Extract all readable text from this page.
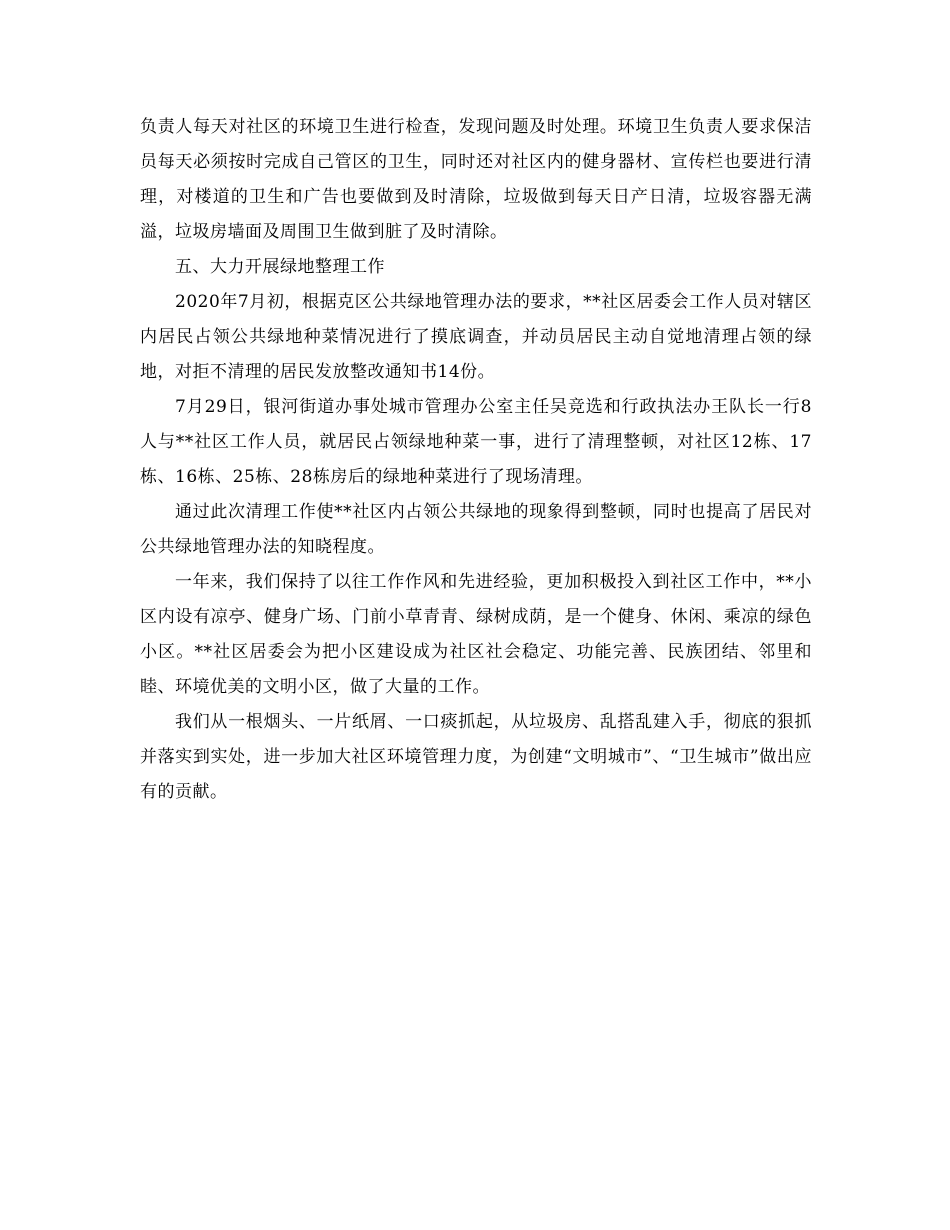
负责人每天对社区的环境卫生进行检查，发现问题及时处理。环境卫生负责人要求保洁员每天必须按时完成自己管区的卫生，同时还对社区内的健身器材、宣传栏也要进行清理，对楼道的卫生和广告也要做到及时清除，垃圾做到每天日产日清，垃圾容器无满溢，垃圾房墙面及周围卫生做到脏了及时清除。

五、大力开展绿地整理工作

2020年7月初，根据克区公共绿地管理办法的要求，**社区居委会工作人员对辖区内居民占领公共绿地种菜情况进行了摸底调查，并动员居民主动自觉地清理占领的绿地，对拒不清理的居民发放整改通知书14份。

7月29日，银河街道办事处城市管理办公室主任吴竞选和行政执法办王队长一行8人与**社区工作人员，就居民占领绿地种菜一事，进行了清理整顿，对社区12栋、17栋、16栋、25栋、28栋房后的绿地种菜进行了现场清理。

通过此次清理工作使**社区内占领公共绿地的现象得到整顿，同时也提高了居民对公共绿地管理办法的知晓程度。

一年来，我们保持了以往工作作风和先进经验，更加积极投入到社区工作中，**小区内设有凉亭、健身广场、门前小草青青、绿树成荫，是一个健身、休闲、乘凉的绿色小区。**社区居委会为把小区建设成为社区社会稳定、功能完善、民族团结、邻里和睦、环境优美的文明小区，做了大量的工作。

我们从一根烟头、一片纸屑、一口痰抓起，从垃圾房、乱搭乱建入手，彻底的狠抓并落实到实处，进一步加大社区环境管理力度，为创建“文明城市”、“卫生城市”做出应有的贡献。
